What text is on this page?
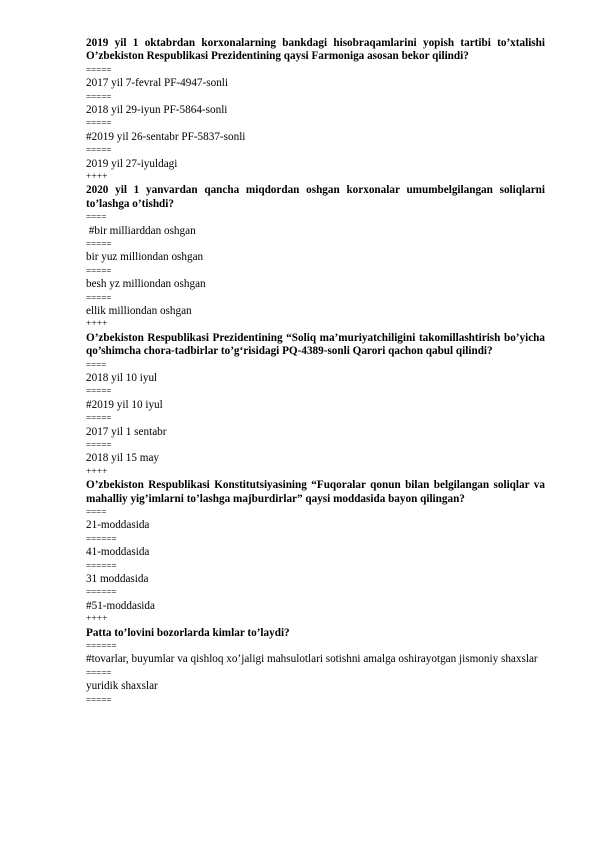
2019 yil 1 oktabrdan korxonalarning bankdagi hisobraqamlarini yopish tartibi to’xtalishi O’zbekiston Respublikasi Prezidentining qaysi Farmoniga asosan bekor qilindi?

=====

2017 yil 7-fevral PF-4947-sonli

=====

2018 yil 29-iyun PF-5864-sonli

=====

#2019 yil 26-sentabr PF-5837-sonli

=====

2019 yil 27-iyuldagi

++++

2020 yil 1 yanvardan qancha miqdordan oshgan korxonalar umumbelgilangan soliqlarni to’lashga o’tishdi?

====

#bir milliarddan oshgan

=====

bir yuz milliondan oshgan

=====

besh yz milliondan oshgan

=====

ellik milliondan oshgan

++++

O’zbekiston Respublikasi Prezidentining “Soliq ma’muriyatchiligini takomillashtirish bo’yicha qo’shimcha chora-tadbirlar to’g‘risidagi PQ-4389-sonli Qarori qachon qabul qilindi?

====

2018 yil 10 iyul

=====

#2019 yil 10 iyul

=====

2017 yil 1 sentabr

=====

2018 yil 15 may

++++

O’zbekiston Respublikasi Konstitutsiyasining “Fuqoralar qonun bilan belgilangan soliqlar va mahalliy yig’imlarni to’lashga majburdirlar” qaysi moddasida bayon qilingan?

====

21-moddasida

======

41-moddasida

======

31 moddasida

======

#51-moddasida

++++

Patta to’lovini bozorlarda kimlar to’laydi?

======

#tovarlar, buyumlar va qishloq xo’jaligi mahsulotlari sotishni amalga oshirayotgan jismoniy shaxslar

=====

yuridik shaxslar

=====
